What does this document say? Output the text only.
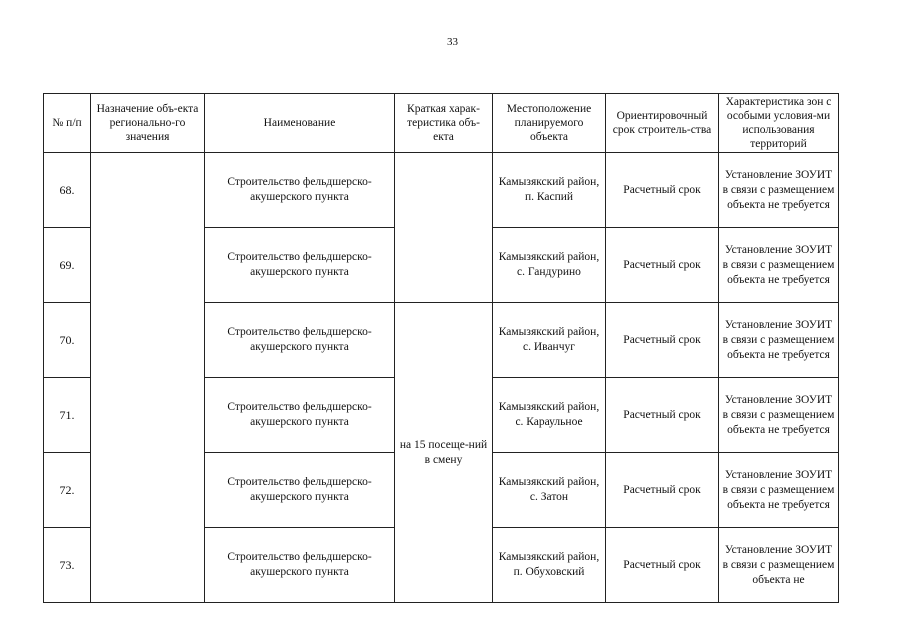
33
№ п/п	Назначение объ-екта регионально-го значения	Наименование	Краткая харак-теристика объ-екта	Местоположение планируемого объекта	Ориентировочный срок строитель-ства	Характеристика зон с особыми условия-ми использования территорий
68.		Строительство фельдшерско-акушерского пункта		Камызякский район, п. Каспий	Расчетный срок	Установление ЗОУИТ в связи с размещением объекта не требуется
69.		Строительство фельдшерско-акушерского пункта		Камызякский район, с. Гандурино	Расчетный срок	Установление ЗОУИТ в связи с размещением объекта не требуется
70.		Строительство фельдшерско-акушерского пункта	на 15 посеще-ний в смену	Камызякский район, с. Иванчуг	Расчетный срок	Установление ЗОУИТ в связи с размещением объекта не требуется
71.		Строительство фельдшерско-акушерского пункта		Камызякский район, с. Караульное	Расчетный срок	Установление ЗОУИТ в связи с размещением объекта не требуется
72.		Строительство фельдшерско-акушерского пункта		Камызякский район, с. Затон	Расчетный срок	Установление ЗОУИТ в связи с размещением объекта не требуется
73.		Строительство фельдшерско-акушерского пункта		Камызякский район, п. Обуховский	Расчетный срок	Установление ЗОУИТ в связи с размещением объекта не
